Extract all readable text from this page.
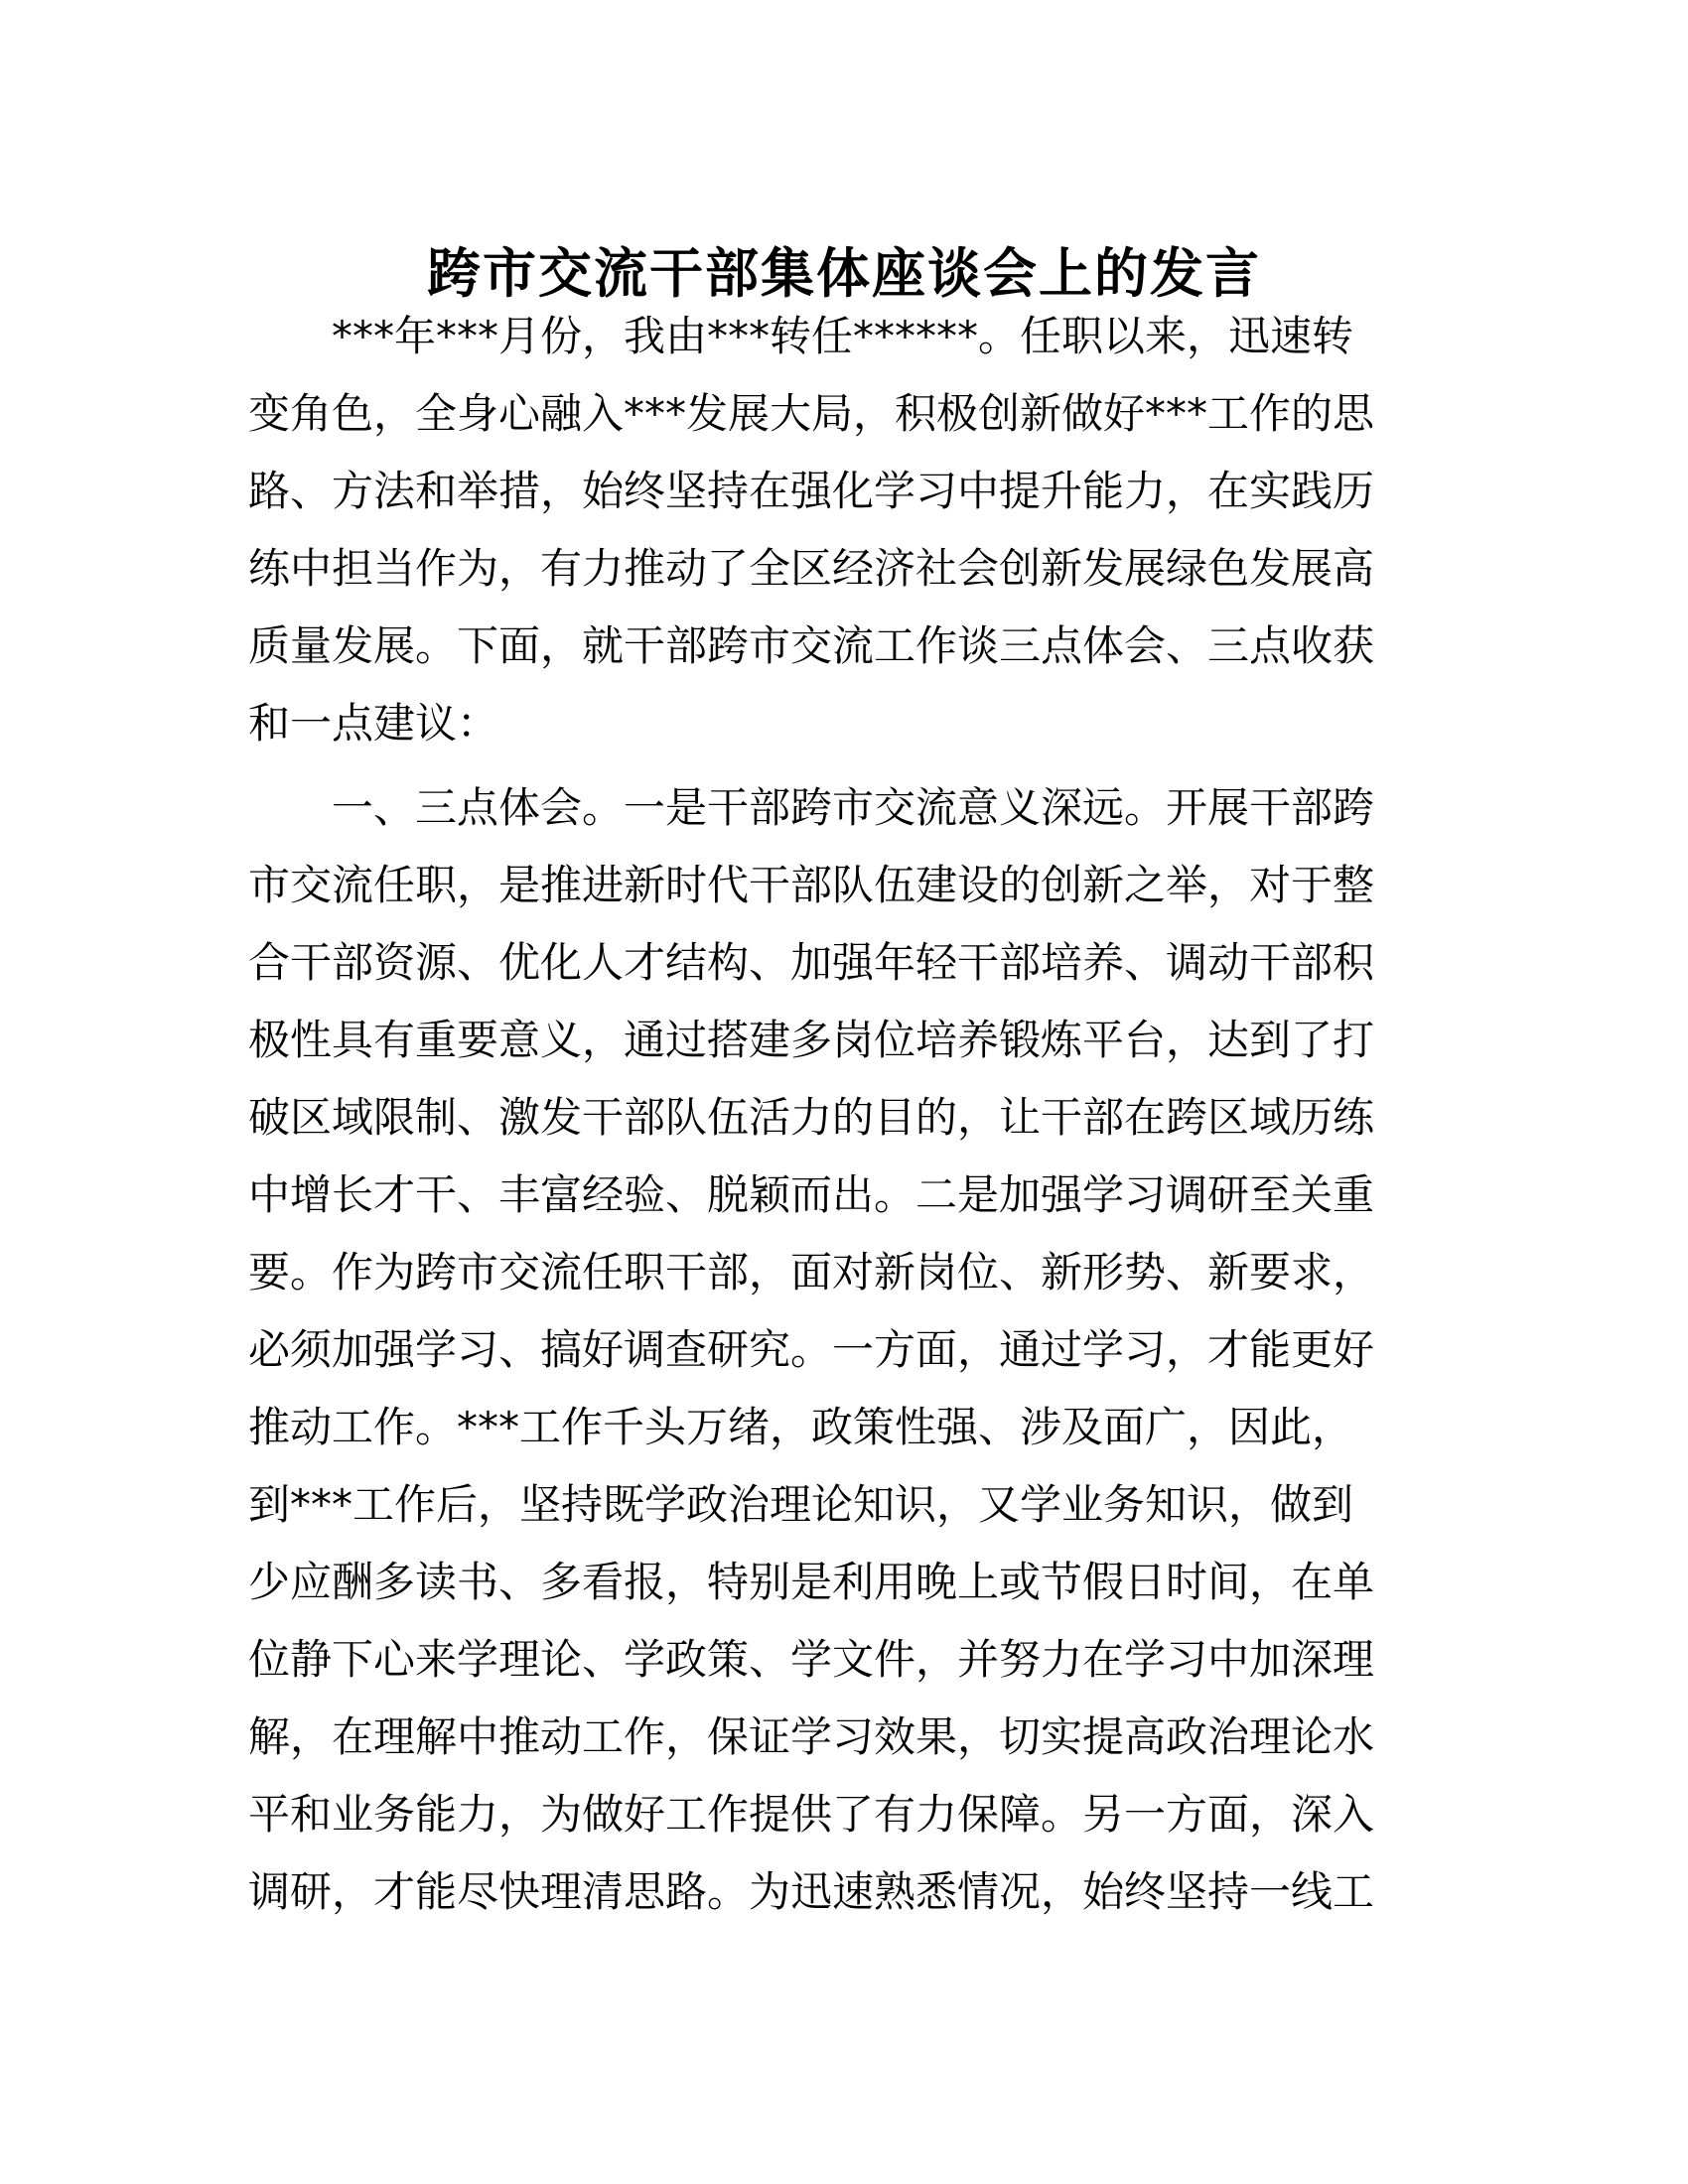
跨市交流干部集体座谈会上的发言
　　***年***月份，我由***转任******。任职以来，迅速转
变角色，全身心融入***发展大局，积极创新做好***工作的思
路、方法和举措，始终坚持在强化学习中提升能力，在实践历
练中担当作为，有力推动了全区经济社会创新发展绿色发展高
质量发展。下面，就干部跨市交流工作谈三点体会、三点收获
和一点建议：
　　一、三点体会。一是干部跨市交流意义深远。开展干部跨
市交流任职，是推进新时代干部队伍建设的创新之举，对于整
合干部资源、优化人才结构、加强年轻干部培养、调动干部积
极性具有重要意义，通过搭建多岗位培养锻炼平台，达到了打
破区域限制、激发干部队伍活力的目的，让干部在跨区域历练
中增长才干、丰富经验、脱颖而出。二是加强学习调研至关重
要。作为跨市交流任职干部，面对新岗位、新形势、新要求，
必须加强学习、搞好调查研究。一方面，通过学习，才能更好
推动工作。***工作千头万绪，政策性强、涉及面广，因此，
到***工作后，坚持既学政治理论知识，又学业务知识，做到
少应酬多读书、多看报，特别是利用晚上或节假日时间，在单
位静下心来学理论、学政策、学文件，并努力在学习中加深理
解，在理解中推动工作，保证学习效果，切实提高政治理论水
平和业务能力，为做好工作提供了有力保障。另一方面，深入
调研，才能尽快理清思路。为迅速熟悉情况，始终坚持一线工
